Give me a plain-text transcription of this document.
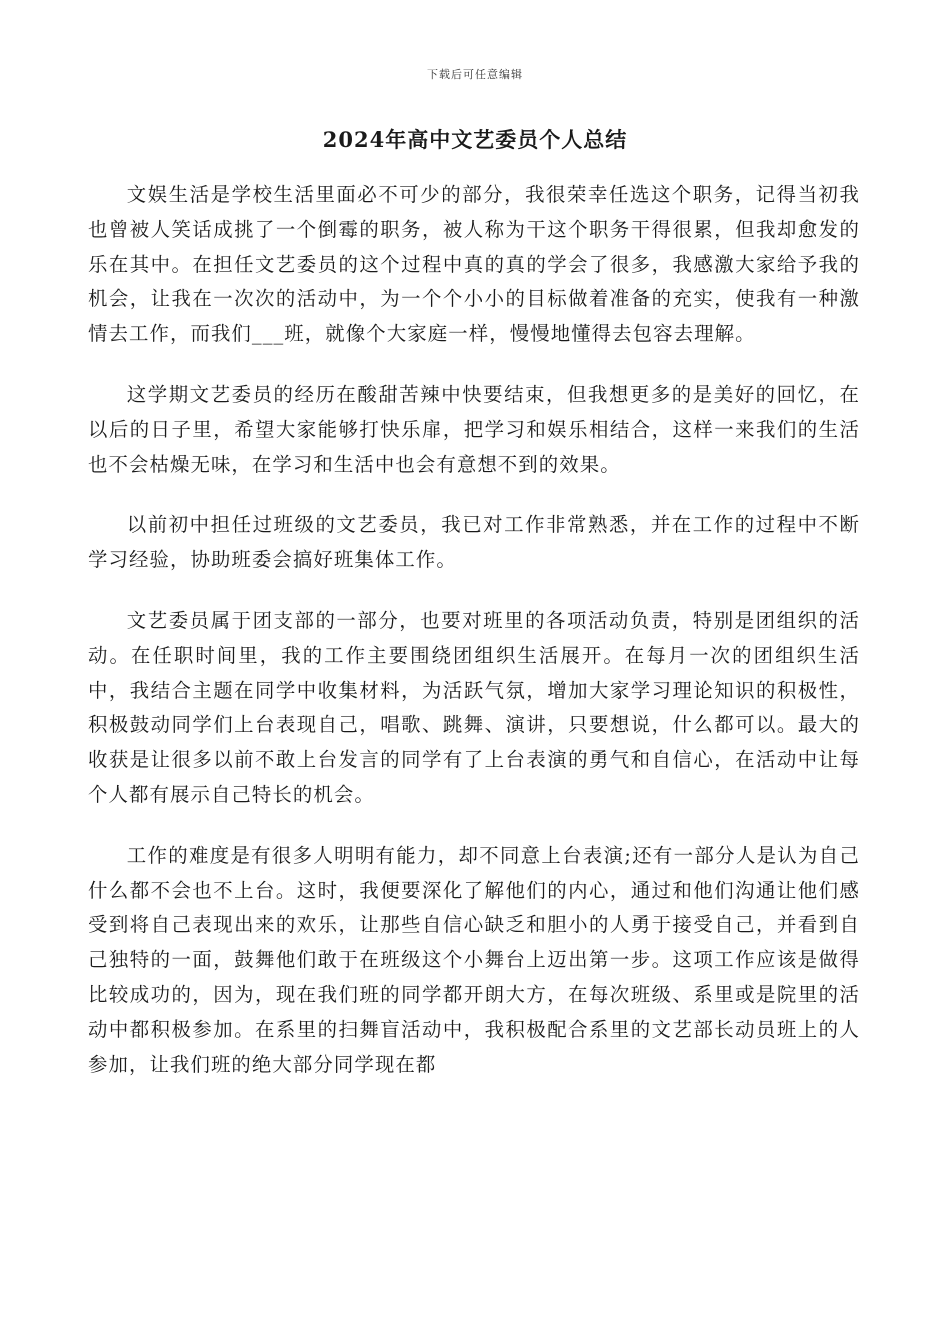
下载后可任意编辑
2024年高中文艺委员个人总结

文娱生活是学校生活里面必不可少的部分，我很荣幸任选这个职务，记得当初我也曾被人笑话成挑了一个倒霉的职务，被人称为干这个职务干得很累，但我却愈发的乐在其中。在担任文艺委员的这个过程中真的真的学会了很多，我感激大家给予我的机会，让我在一次次的活动中，为一个个小小的目标做着准备的充实，使我有一种激情去工作，而我们___班，就像个大家庭一样，慢慢地懂得去包容去理解。

这学期文艺委员的经历在酸甜苦辣中快要结束，但我想更多的是美好的回忆，在以后的日子里，希望大家能够打快乐扉，把学习和娱乐相结合，这样一来我们的生活也不会枯燥无味，在学习和生活中也会有意想不到的效果。

以前初中担任过班级的文艺委员，我已对工作非常熟悉，并在工作的过程中不断学习经验，协助班委会搞好班集体工作。

文艺委员属于团支部的一部分，也要对班里的各项活动负责，特别是团组织的活动。在任职时间里，我的工作主要围绕团组织生活展开。在每月一次的团组织生活中，我结合主题在同学中收集材料，为活跃气氛，增加大家学习理论知识的积极性，积极鼓动同学们上台表现自己，唱歌、跳舞、演讲，只要想说，什么都可以。最大的收获是让很多以前不敢上台发言的同学有了上台表演的勇气和自信心，在活动中让每个人都有展示自己特长的机会。

工作的难度是有很多人明明有能力，却不同意上台表演;还有一部分人是认为自己什么都不会也不上台。这时，我便要深化了解他们的内心，通过和他们沟通让他们感受到将自己表现出来的欢乐，让那些自信心缺乏和胆小的人勇于接受自己，并看到自己独特的一面，鼓舞他们敢于在班级这个小舞台上迈出第一步。这项工作应该是做得比较成功的，因为，现在我们班的同学都开朗大方，在每次班级、系里或是院里的活动中都积极参加。在系里的扫舞盲活动中，我积极配合系里的文艺部长动员班上的人参加，让我们班的绝大部分同学现在都
